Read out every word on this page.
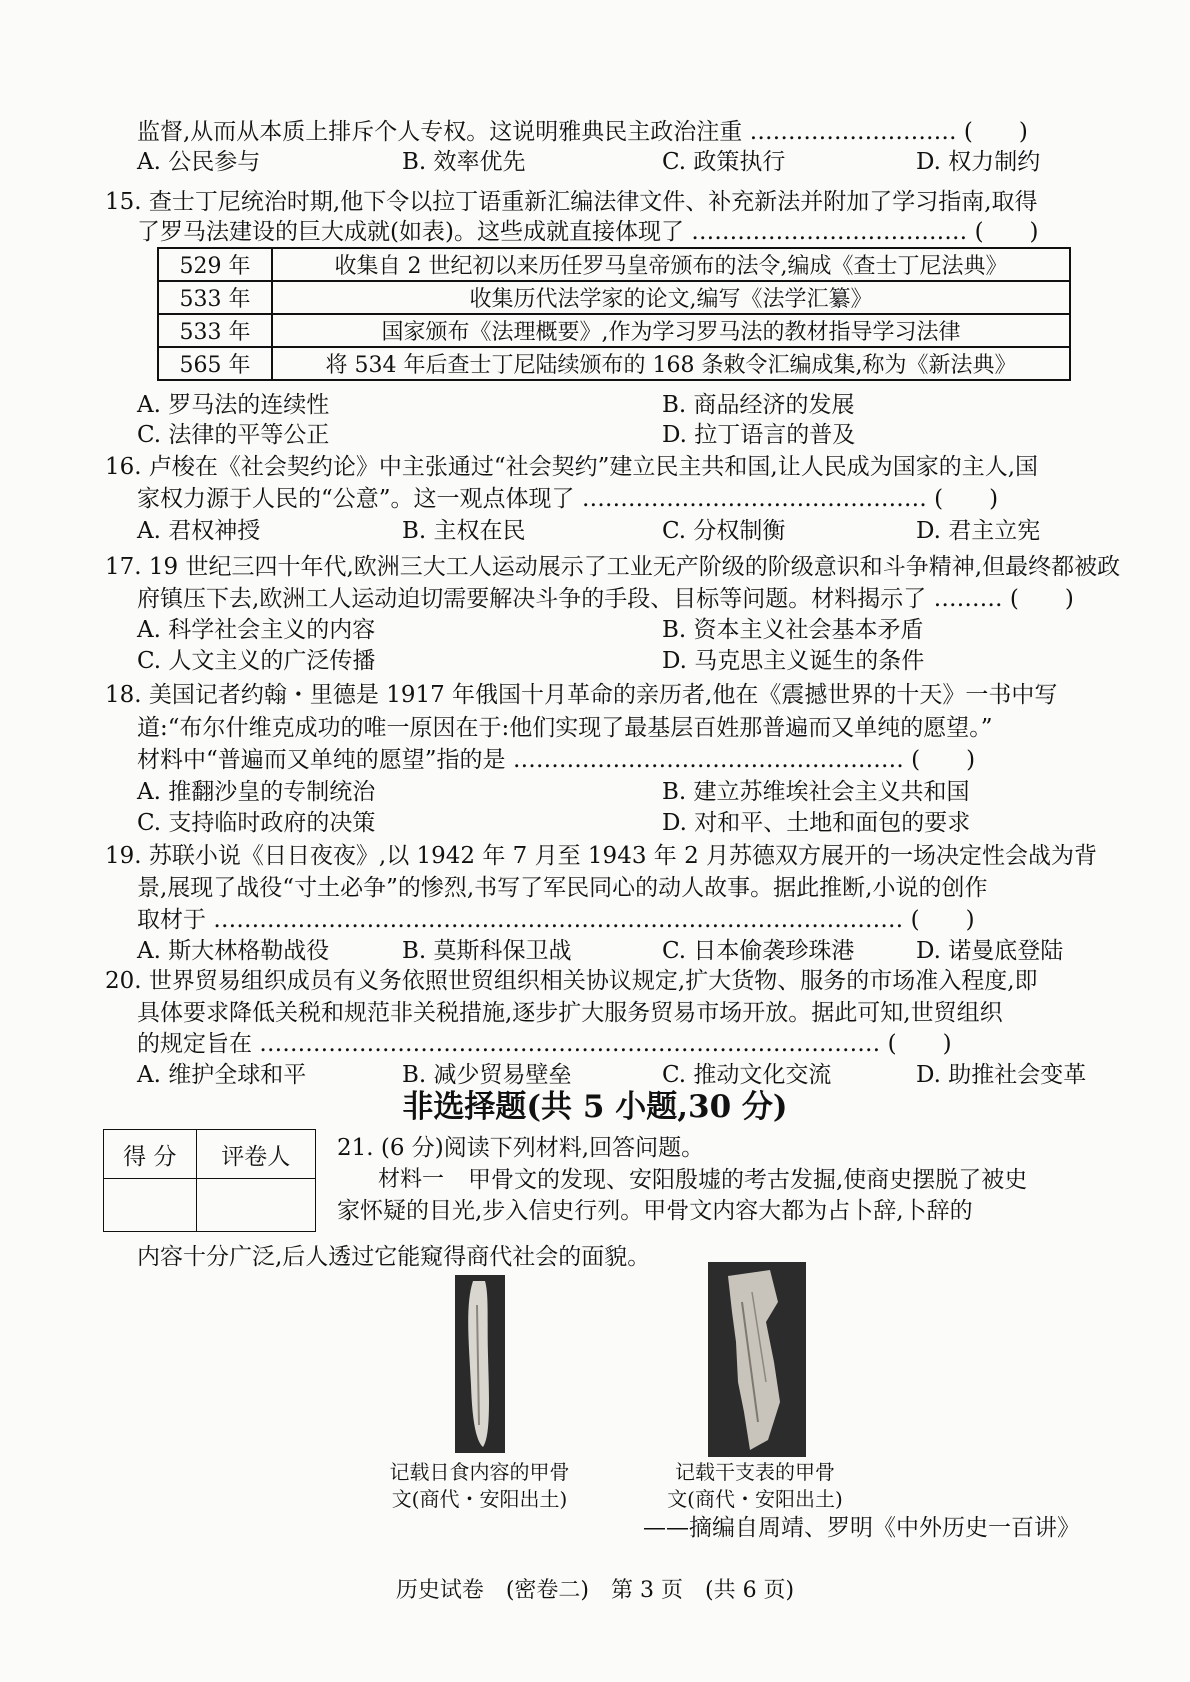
监督,从而从本质上排斥个人专权。这说明雅典民主政治注重 ……………………… (　　)
A. 公民参与	B. 效率优先	C. 政策执行	D. 权力制约
15. 查士丁尼统治时期,他下令以拉丁语重新汇编法律文件、补充新法并附加了学习指南,取得
了罗马法建设的巨大成就(如表)。这些成就直接体现了 ……………………………… (　　)
529 年	收集自 2 世纪初以来历任罗马皇帝颁布的法令,编成《查士丁尼法典》
533 年	收集历代法学家的论文,编写《法学汇纂》
533 年	国家颁布《法理概要》,作为学习罗马法的教材指导学习法律
565 年	将 534 年后查士丁尼陆续颁布的 168 条敕令汇编成集,称为《新法典》
A. 罗马法的连续性	B. 商品经济的发展
C. 法律的平等公正	D. 拉丁语言的普及
16. 卢梭在《社会契约论》中主张通过“社会契约”建立民主共和国,让人民成为国家的主人,国
家权力源于人民的“公意”。这一观点体现了 ……………………………………… (　　)
A. 君权神授	B. 主权在民	C. 分权制衡	D. 君主立宪
17. 19 世纪三四十年代,欧洲三大工人运动展示了工业无产阶级的阶级意识和斗争精神,但最终都被政
府镇压下去,欧洲工人运动迫切需要解决斗争的手段、目标等问题。材料揭示了 ……… (　　)
A. 科学社会主义的内容	B. 资本主义社会基本矛盾
C. 人文主义的广泛传播	D. 马克思主义诞生的条件
18. 美国记者约翰・里德是 1917 年俄国十月革命的亲历者,他在《震撼世界的十天》一书中写
道:“布尔什维克成功的唯一原因在于:他们实现了最基层百姓那普遍而又单纯的愿望。”
材料中“普遍而又单纯的愿望”指的是 …………………………………………… (　　)
A. 推翻沙皇的专制统治	B. 建立苏维埃社会主义共和国
C. 支持临时政府的决策	D. 对和平、土地和面包的要求
19. 苏联小说《日日夜夜》,以 1942 年 7 月至 1943 年 2 月苏德双方展开的一场决定性会战为背
景,展现了战役“寸土必争”的惨烈,书写了军民同心的动人故事。据此推断,小说的创作
取材于 ……………………………………………………………………………… (　　)
A. 斯大林格勒战役	B. 莫斯科保卫战	C. 日本偷袭珍珠港	D. 诺曼底登陆
20. 世界贸易组织成员有义务依照世贸组织相关协议规定,扩大货物、服务的市场准入程度,即
具体要求降低关税和规范非关税措施,逐步扩大服务贸易市场开放。据此可知,世贸组织
的规定旨在 ……………………………………………………………………… (　　)
A. 维护全球和平	B. 减少贸易壁垒	C. 推动文化交流	D. 助推社会变革
非选择题(共 5 小题,30 分)
得 分	评卷人
	21. (6 分)阅读下列材料,回答问题。
材料一 甲骨文的发现、安阳殷墟的考古发掘,使商史摆脱了被史
家怀疑的目光,步入信史行列。甲骨文内容大都为占卜辞,卜辞的
内容十分广泛,后人透过它能窥得商代社会的面貌。
记载日食内容的甲骨
文(商代・安阳出土)
记载干支表的甲骨
文(商代・安阳出土)
——摘编自周靖、罗明《中外历史一百讲》
历史试卷　(密卷二)　第 3 页　(共 6 页)
